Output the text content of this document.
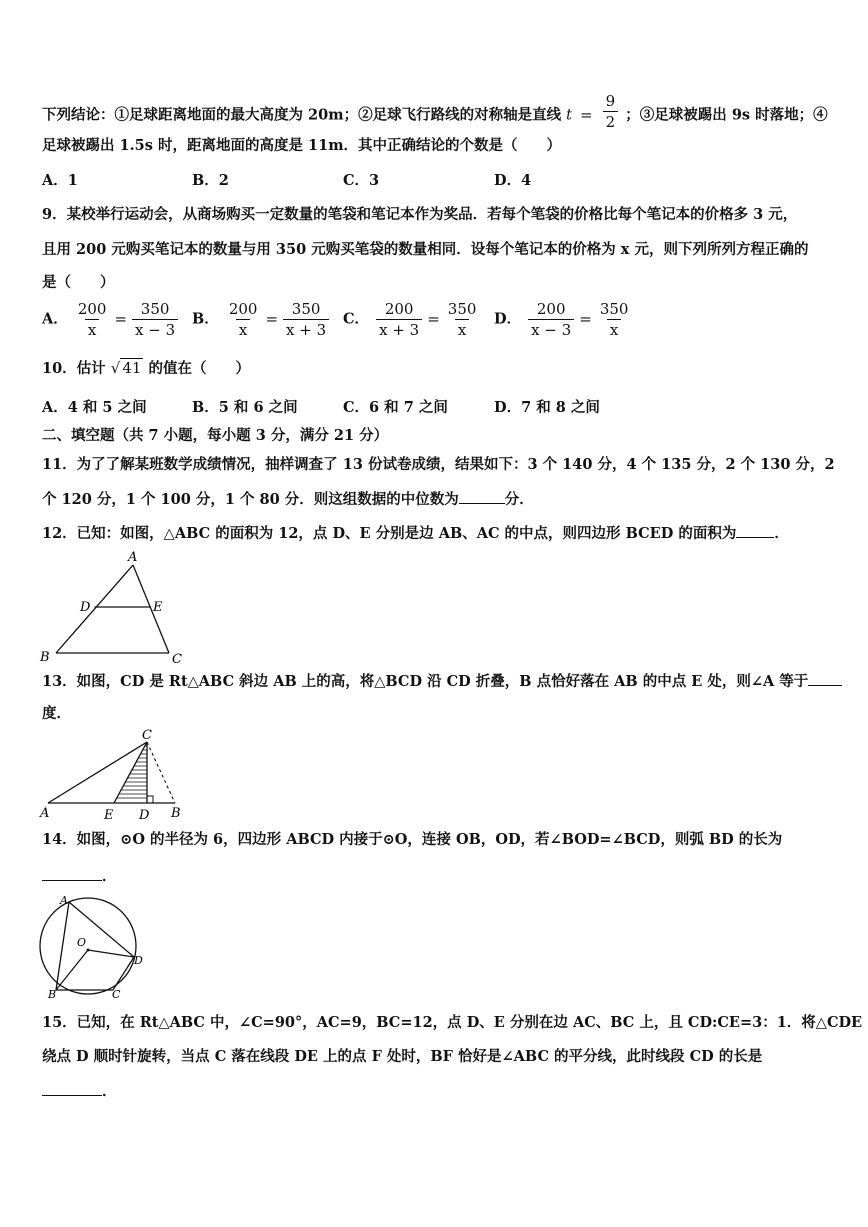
下列结论：①足球距离地面的最大高度为 20m；②足球飞行路线的对称轴是直线 $t = \frac{9}{2}$ ；③足球被踢出 9s 时落地；④
足球被踢出 1.5s 时，距离地面的高度是 11m．其中正确结论的个数是（　　）
A．1	B．2	C．3	D．4
9．某校举行运动会，从商场购买一定数量的笔袋和笔记本作为奖品．若每个笔袋的价格比每个笔记本的价格多 3 元，
且用 200 元购买笔记本的数量与用 350 元购买笔袋的数量相同．设每个笔记本的价格为 x 元，则下列所列方程正确的
是（　　）
A． $\frac{200}{x} = \frac{350}{x - 3}$ B． $\frac{200}{x} = \frac{350}{x + 3}$ C． $\frac{200}{x + 3} = \frac{350}{x}$ D． $\frac{200}{x - 3} = \frac{350}{x}$
10．估计 √ 41 的值在（　　）
A．4 和 5 之间	B．5 和 6 之间	C．6 和 7 之间	D．7 和 8 之间
二、填空题（共 7 小题，每小题 3 分，满分 21 分）
11．为了了解某班数学成绩情况，抽样调查了 13 份试卷成绩，结果如下：3 个 140 分，4 个 135 分，2 个 130 分，2
个 120 分，1 个 100 分，1 个 80 分．则这组数据的中位数为	分．
12．已知：如图，△ABC 的面积为 12，点 D、E 分别是边 AB、AC 的中点，则四边形 BCED 的面积为	．
A
D	E
B	C
13．如图，CD 是 Rt△ABC 斜边 AB 上的高，将△BCD 沿 CD 折叠，B 点恰好落在 AB 的中点 E 处，则∠A 等于
度．
C
A	E D B
14．如图，⊙O 的半径为 6，四边形 ABCD 内接于⊙O，连接 OB，OD，若∠BOD=∠BCD，则弧 BD 的长为
．
A
O
D
B	C
15．已知，在 Rt△ABC 中，∠C=90°，AC=9，BC=12，点 D、E 分别在边 AC、BC 上，且 CD:CE=3：1．将△CDE
绕点 D 顺时针旋转，当点 C 落在线段 DE 上的点 F 处时，BF 恰好是∠ABC 的平分线，此时线段 CD 的长是
．
